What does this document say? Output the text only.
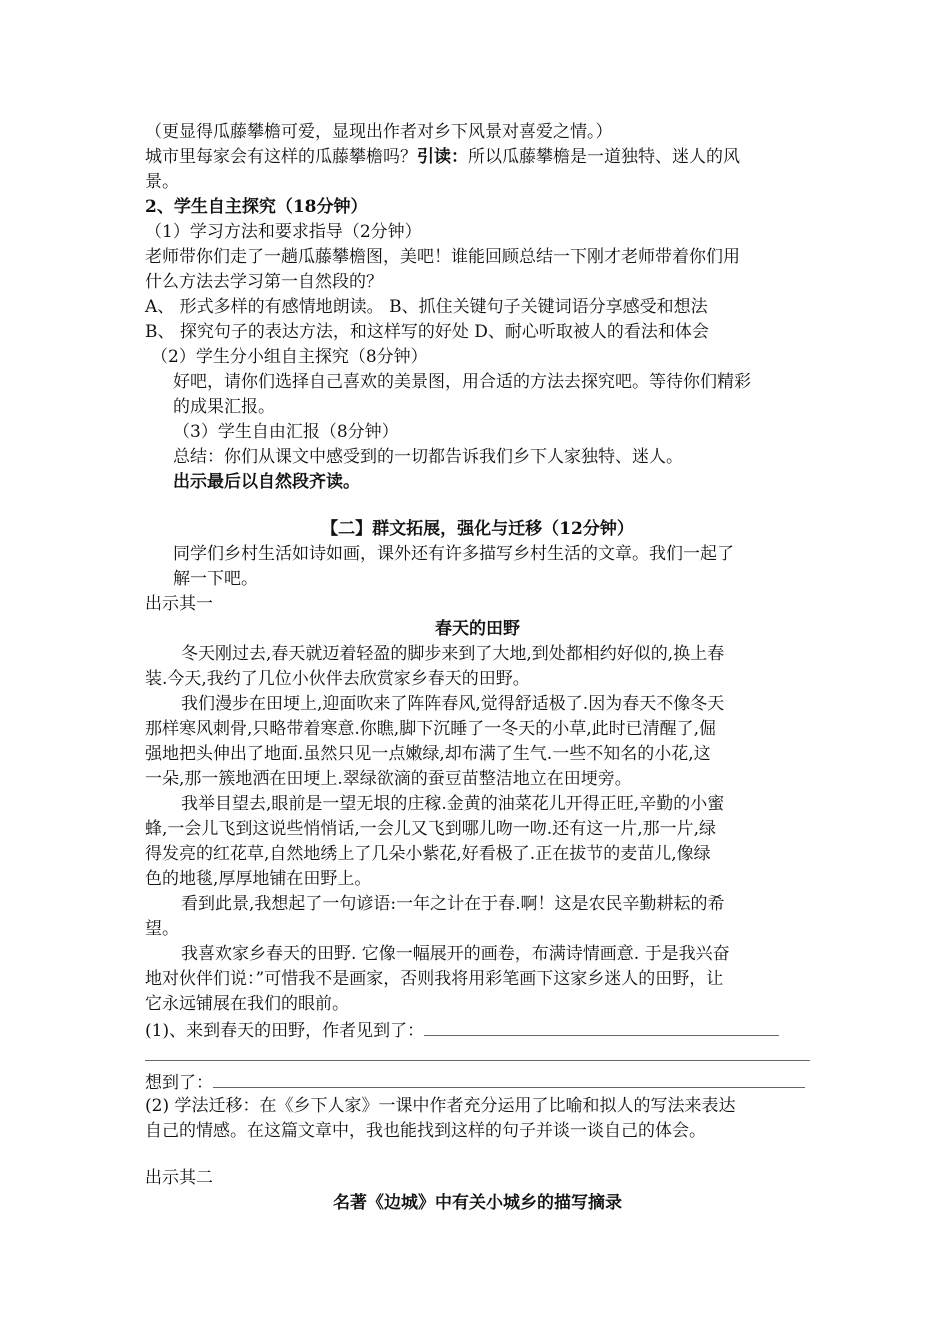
（更显得瓜藤攀檐可爱，显现出作者对乡下风景对喜爱之情。）
城市里每家会有这样的瓜藤攀檐吗？引读：所以瓜藤攀檐是一道独特、迷人的风
景。
2、学生自主探究（18分钟）
（1）学习方法和要求指导（2分钟）
老师带你们走了一趟瓜藤攀檐图，美吧！谁能回顾总结一下刚才老师带着你们用
什么方法去学习第一自然段的？
A、 形式多样的有感情地朗读。 B、抓住关键句子关键词语分享感受和想法
B、 探究句子的表达方法，和这样写的好处 D、耐心听取被人的看法和体会
（2）学生分小组自主探究（8分钟）
好吧，请你们选择自己喜欢的美景图，用合适的方法去探究吧。等待你们精彩
的成果汇报。
（3）学生自由汇报（8分钟）
总结：你们从课文中感受到的一切都告诉我们乡下人家独特、迷人。
出示最后以自然段齐读。
【二】群文拓展，强化与迁移（12分钟）
同学们乡村生活如诗如画，课外还有许多描写乡村生活的文章。我们一起了
解一下吧。
出示其一
春天的田野
冬天刚过去,春天就迈着轻盈的脚步来到了大地,到处都相约好似的,换上春
装.今天,我约了几位小伙伴去欣赏家乡春天的田野。
我们漫步在田埂上,迎面吹来了阵阵春风,觉得舒适极了.因为春天不像冬天
那样寒风刺骨,只略带着寒意.你瞧,脚下沉睡了一冬天的小草,此时已清醒了,倔
强地把头伸出了地面.虽然只见一点嫩绿,却布满了生气.一些不知名的小花,这
一朵,那一簇地洒在田埂上.翠绿欲滴的蚕豆苗整洁地立在田埂旁。
我举目望去,眼前是一望无垠的庄稼.金黄的油菜花儿开得正旺,辛勤的小蜜
蜂,一会儿飞到这说些悄悄话,一会儿又飞到哪儿吻一吻.还有这一片,那一片,绿
得发亮的红花草,自然地绣上了几朵小紫花,好看极了.正在拔节的麦苗儿,像绿
色的地毯,厚厚地铺在田野上。
看到此景,我想起了一句谚语:一年之计在于春.啊！这是农民辛勤耕耘的希
望。
我喜欢家乡春天的田野. 它像一幅展开的画卷，布满诗情画意. 于是我兴奋
地对伙伴们说：”可惜我不是画家，否则我将用彩笔画下这家乡迷人的田野，让
它永远铺展在我们的眼前。
(1)、来到春天的田野，作者见到了：
想到了：
(2) 学法迁移：在《乡下人家》一课中作者充分运用了比喻和拟人的写法来表达
自己的情感。在这篇文章中，我也能找到这样的句子并谈一谈自己的体会。
出示其二
名著《边城》中有关小城乡的描写摘录
